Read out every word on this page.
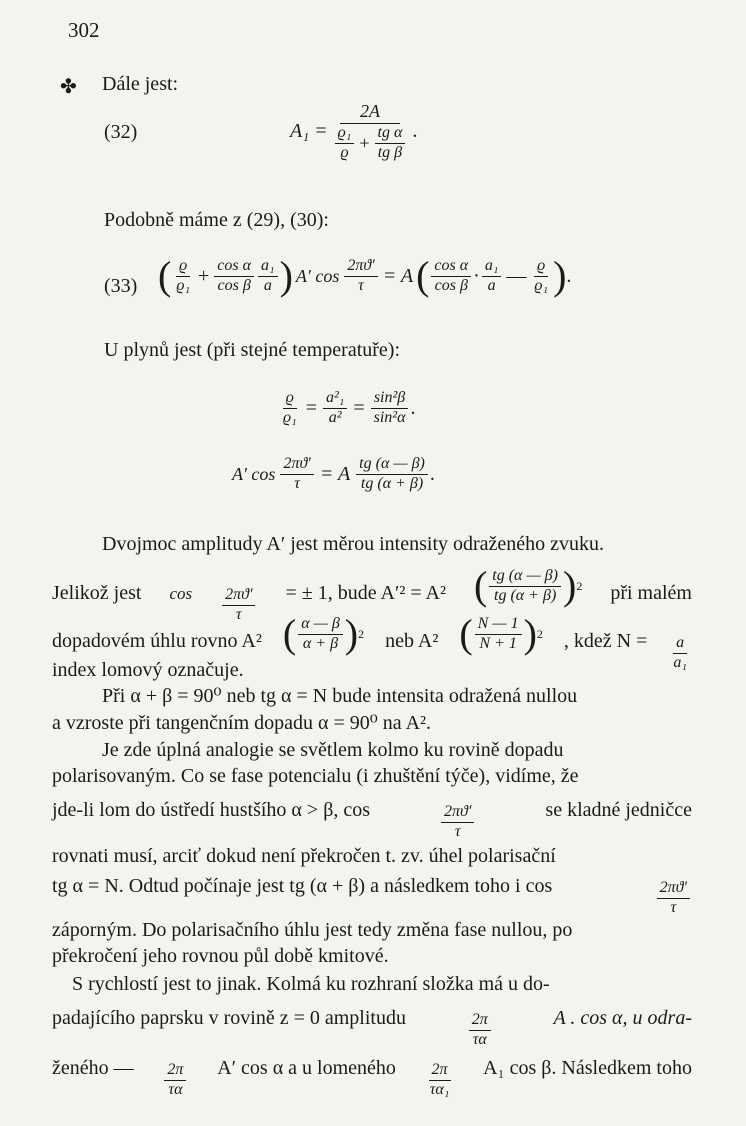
302
✤ Dále jest:
(32)	A₁ =
2A
$\frac{\text{ϱ₁}}{ϱ} + \frac{\text{tg α}}{\text{tg β}}$ .
Podobně máme z (29), (30):
(33) ( $\frac{ϱ}{\text{ϱ₁}} + \frac{\text{cos α}}{\text{cos β}} \frac{\text{a₁}}{a}$ ) A′ $\cos \frac{2\pi ϑ'}{\tau} = A$ ( $\frac{\text{cos α}}{\text{cos β}} \cdot \frac{\text{a₁}}{a}$ — $\frac{ϱ}{\text{ϱ₁}}$ ) .
U plynů jest (při stejné temperatuře):
$\frac{ϱ}{\text{ϱ₁}} = \frac{\text{a²₁}}{\text{a²}} = \frac{\text{sin²β}}{\text{sin²α}}$ .
A′ $\cos \frac{2\pi ϑ'}{\tau} = A \frac{tg (\alpha — \beta)}{tg (\alpha + \beta)}$ .
Dvojmoc amplitudy A′ jest měrou intensity odraženého zvuku.
Jelikož jest $\cos \frac{2\pi ϑ'}{\tau}$ = ± 1, bude A′² = A² ( $\frac{tg (\alpha — \beta)}{tg (\alpha + \beta)}$ ) 2 při malém
dopadovém úhlu rovno A² ( $\frac{\alpha — \beta}{\alpha + \beta}$ ) 2 neb A² ( $\frac{N — 1}{N + 1}$ ) 2 , kdež $N = \frac{a}{\text{a₁}}$
index lomový označuje.
Při α + β = 90⁰ neb tg α = N bude intensita odražená nullou
a vzroste při tangenčním dopadu α = 90⁰ na A².
Je zde úplná analogie se světlem kolmo ku rovině dopadu
polarisovaným. Co se fase potencialu (i zhuštění týče), vidíme, že
jde-li lom do ústředí hustšího α > β, cos	$\frac{2\pi ϑ'}{\tau}$	se kladné jedničce
rovnati musí, arciť dokud není překročen t. zv. úhel polarisační
tg α = N. Odtud počínaje jest tg (α + β) a následkem toho i cos	$\frac{2\pi ϑ'}{\tau}$
záporným. Do polarisačního úhlu jest tedy změna fase nullou, po
překročení jeho rovnou půl době kmitové.
S rychlostí jest to jinak. Kolmá ku rozhraní složka má u do-
padajícího paprsku v rovině z = 0 amplitudu	$\frac{2\pi}{\tau\alpha}$	A . cos α, u odra-
ženého — $\frac{2\pi}{\tau\alpha} A'$ cos α a u lomeného $\frac{2\pi}{\text{τα₁}} A_1$ cos β. Následkem toho
